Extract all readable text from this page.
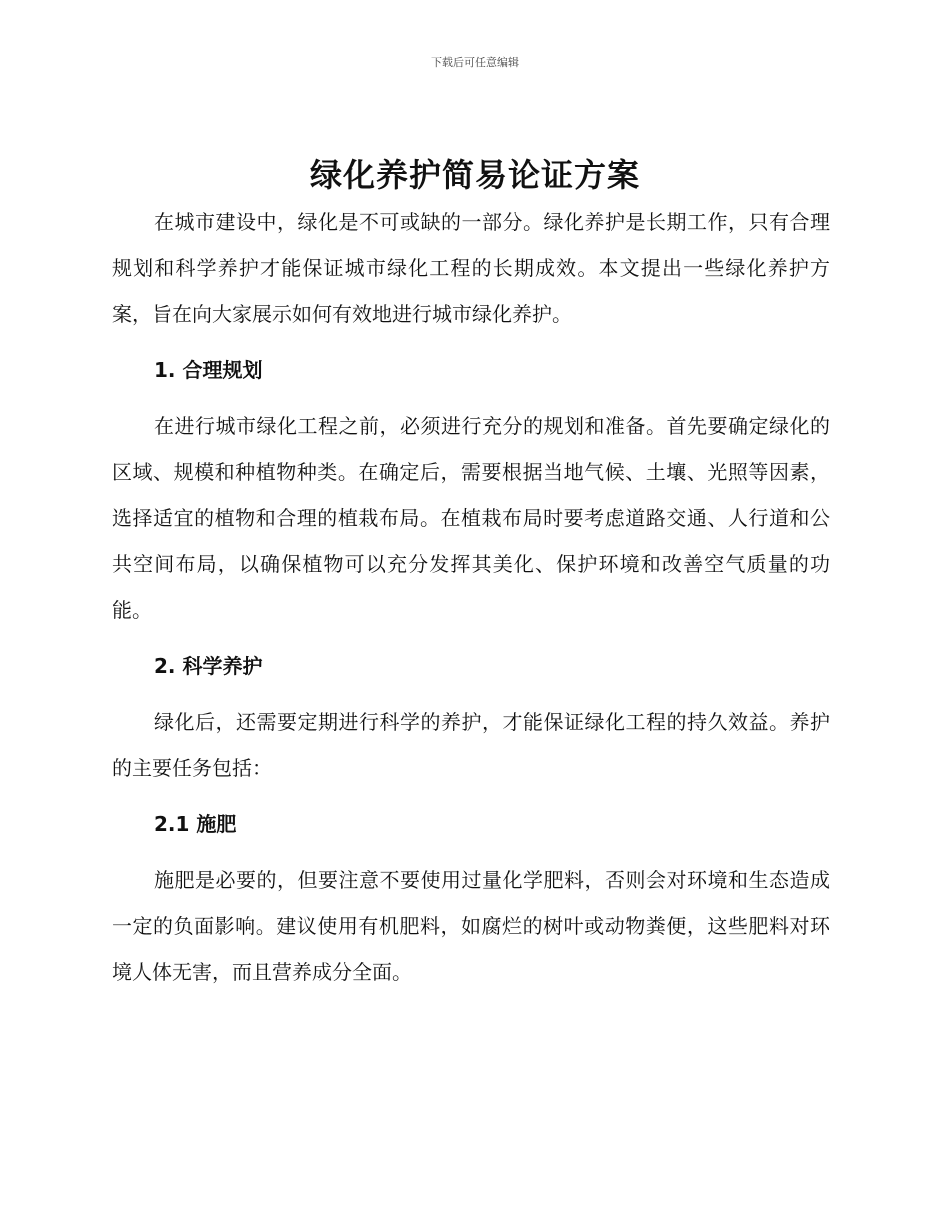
下载后可任意编辑
绿化养护简易论证方案

在城市建设中，绿化是不可或缺的一部分。绿化养护是长期工作，只有合理规划和科学养护才能保证城市绿化工程的长期成效。本文提出一些绿化养护方案，旨在向大家展示如何有效地进行城市绿化养护。

1. 合理规划

在进行城市绿化工程之前，必须进行充分的规划和准备。首先要确定绿化的区域、规模和种植物种类。在确定后，需要根据当地气候、土壤、光照等因素，选择适宜的植物和合理的植栽布局。在植栽布局时要考虑道路交通、人行道和公共空间布局，以确保植物可以充分发挥其美化、保护环境和改善空气质量的功能。

2. 科学养护

绿化后，还需要定期进行科学的养护，才能保证绿化工程的持久效益。养护的主要任务包括：

2.1 施肥

施肥是必要的，但要注意不要使用过量化学肥料，否则会对环境和生态造成一定的负面影响。建议使用有机肥料，如腐烂的树叶或动物粪便，这些肥料对环境人体无害，而且营养成分全面。
